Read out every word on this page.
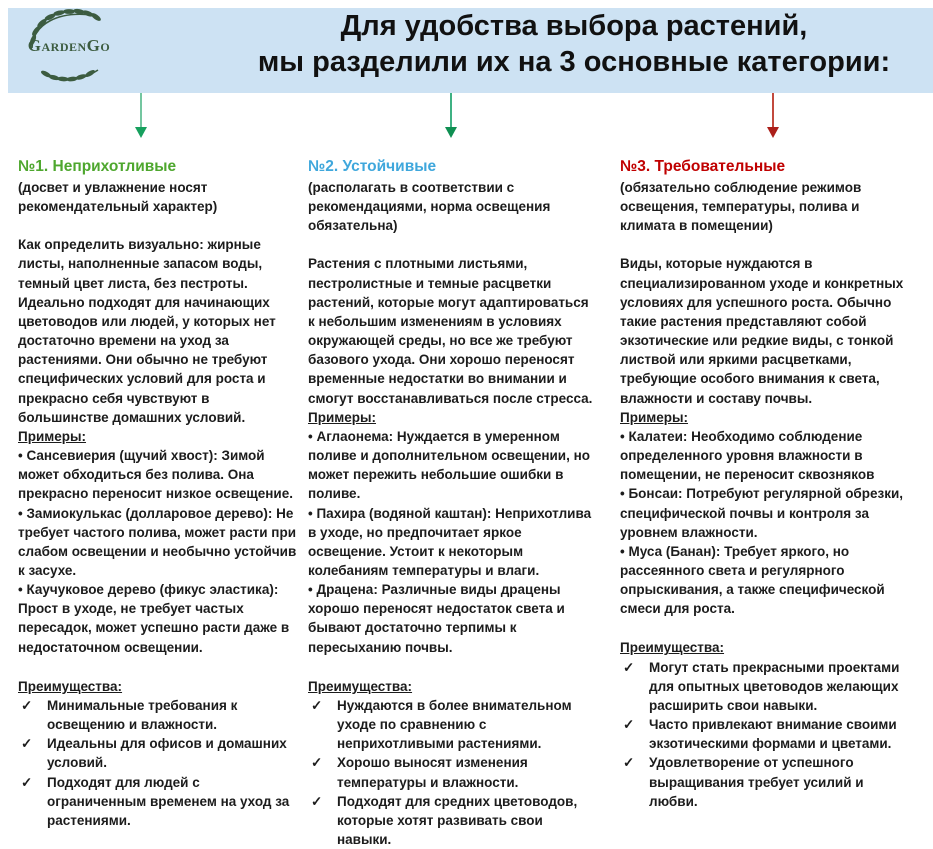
GardenGo
Для удобства выбора растений,
мы разделили их на 3 основные категории:

№1. Неприхотливые

(досвет и увлажнение носят рекомендательный характер)

Как определить визуально: жирные листы, наполненные запасом воды, темный цвет листа, без пестроты. Идеально подходят для начинающих цветоводов или людей, у которых нет достаточно времени на уход за растениями. Они обычно не требуют специфических условий для роста и прекрасно себя чувствуют в большинстве домашних условий.

Примеры:

• Сансевиерия (щучий хвост): Зимой может обходиться без полива. Она прекрасно переносит низкое освещение.

• Замиокулькас (долларовое дерево): Не требует частого полива, может расти при слабом освещении и необычно устойчив к засухе.

• Каучуковое дерево (фикус эластика): Прост в уходе, не требует частых пересадок, может успешно расти даже в недостаточном освещении.

Преимущества:

✓	Минимальные требования к освещению и влажности.
✓	Идеальны для офисов и домашних условий.
✓	Подходят для людей с ограниченным временем на уход за растениями.

№2. Устойчивые

(располагать в соответствии с рекомендациями, норма освещения обязательна)

Растения с плотными листьями, пестролистные и темные расцветки растений, которые могут адаптироваться к небольшим изменениям в условиях окружающей среды, но все же требуют базового ухода. Они хорошо переносят временные недостатки во внимании и смогут восстанавливаться после стресса.

Примеры:

• Аглаонема: Нуждается в умеренном поливе и дополнительном освещении, но может пережить небольшие ошибки в поливе.

• Пахира (водяной каштан): Неприхотлива в уходе, но предпочитает яркое освещение. Устоит к некоторым колебаниям температуры и влаги.

• Драцена: Различные виды драцены хорошо переносят недостаток света и бывают достаточно терпимы к пересыханию почвы.

Преимущества:

✓	Нуждаются в более внимательном уходе по сравнению с неприхотливыми растениями.
✓	Хорошо выносят изменения температуры и влажности.
✓	Подходят для средних цветоводов, которые хотят развивать свои навыки.

№3. Требовательные

(обязательно соблюдение режимов освещения, температуры, полива и климата в помещении)

Виды, которые нуждаются в специализированном уходе и конкретных условиях для успешного роста. Обычно такие растения представляют собой экзотические или редкие виды, с тонкой листвой или яркими расцветками, требующие особого внимания к света, влажности и составу почвы.

Примеры:

• Калатеи: Необходимо соблюдение определенного уровня влажности в помещении, не переносит сквозняков

• Бонсаи: Потребуют регулярной обрезки, специфической почвы и контроля за уровнем влажности.

• Муса (Банан): Требует яркого, но рассеянного света и регулярного опрыскивания, а также специфической смеси для роста.

Преимущества:

✓	Могут стать прекрасными проектами для опытных цветоводов желающих расширить свои навыки.
✓	Часто привлекают внимание своими экзотическими формами и цветами.
✓	Удовлетворение от успешного выращивания требует усилий и любви.
